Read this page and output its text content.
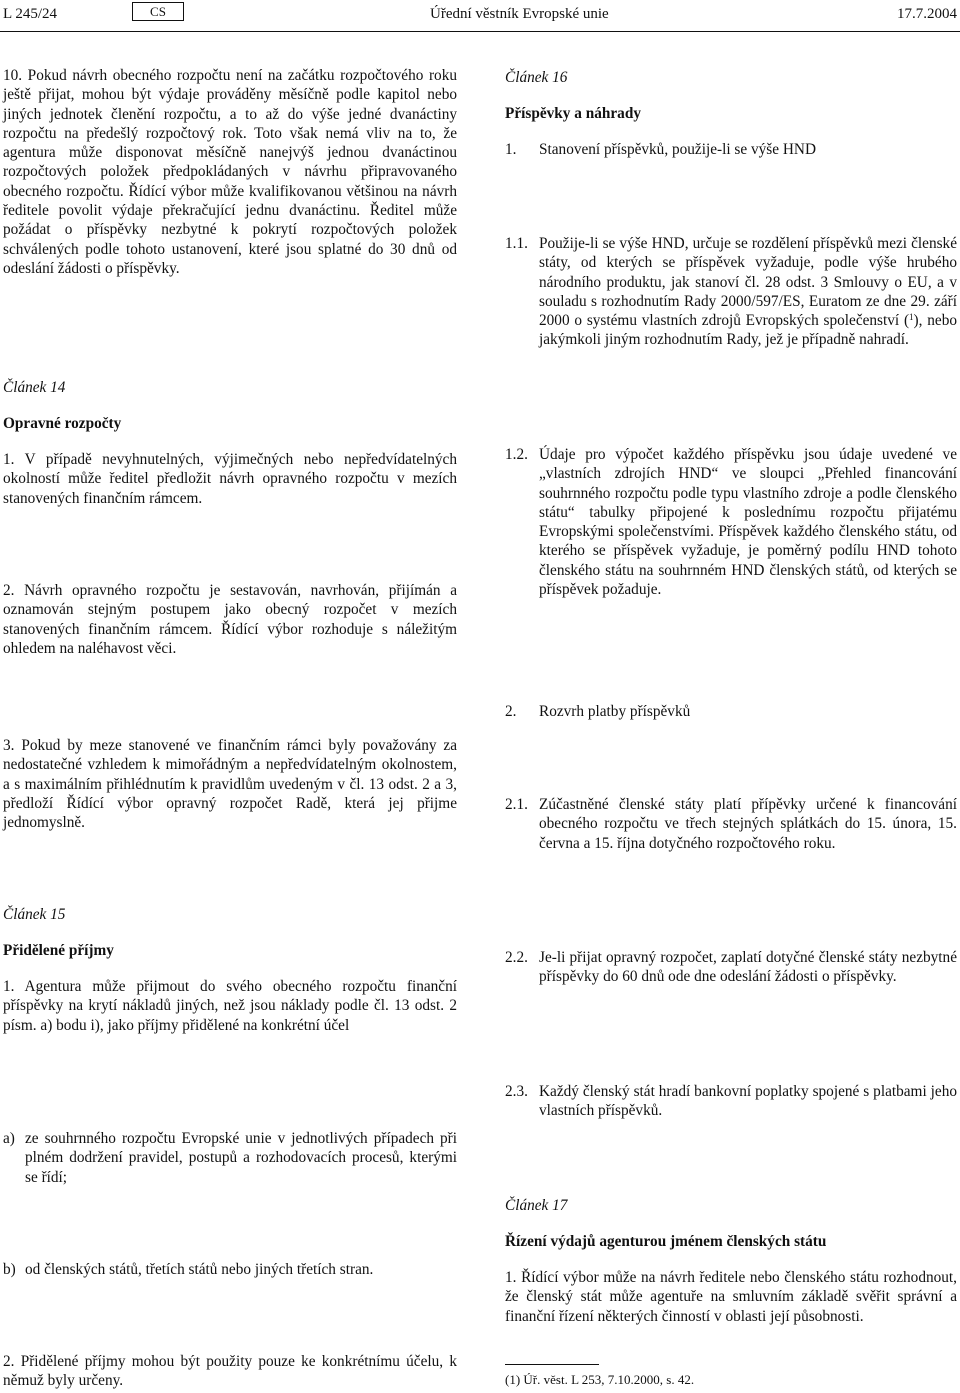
L 245/24	CS	Úřední věstník Evropské unie	17.7.2004

10. Pokud návrh obecného rozpočtu není na začátku rozpočtového roku ještě přijat, mohou být výdaje prováděny měsíčně podle kapitol nebo jiných jednotek členění rozpočtu, a to až do výše jedné dvanáctiny rozpočtu na předešlý rozpočtový rok. Toto však nemá vliv na to, že agentura může disponovat měsíčně nanejvýš jednou dvanáctinou rozpočtových položek předpokládaných v návrhu připravovaného obecného rozpočtu. Řídící výbor může kvalifikovanou většinou na návrh ředitele povolit výdaje překračující jednu dvanáctinu. Ředitel může požádat o příspěvky nezbytné k pokrytí rozpočtových položek schválených podle tohoto ustanovení, které jsou splatné do 30 dnů od odeslání žádosti o příspěvky.

Článek 14

Opravné rozpočty

1. V případě nevyhnutelných, výjimečných nebo nepředvídatelných okolností může ředitel předložit návrh opravného rozpočtu v mezích stanovených finančním rámcem.

2. Návrh opravného rozpočtu je sestavován, navrhován, přijímán a oznamován stejným postupem jako obecný rozpočet v mezích stanovených finančním rámcem. Řídící výbor rozhoduje s náležitým ohledem na naléhavost věci.

3. Pokud by meze stanovené ve finančním rámci byly považovány za nedostatečné vzhledem k mimořádným a nepředvídatelným okolnostem, a s maximálním přihlédnutím k pravidlům uvedeným v čl. 13 odst. 2 a 3, předloží Řídící výbor opravný rozpočet Radě, která jej přijme jednomyslně.

Článek 15

Přidělené příjmy

1. Agentura může přijmout do svého obecného rozpočtu finanční příspěvky na krytí nákladů jiných, než jsou náklady podle čl. 13 odst. 2 písm. a) bodu i), jako příjmy přidělené na konkrétní účel

a) ze souhrnného rozpočtu Evropské unie v jednotlivých případech při plném dodržení pravidel, postupů a rozhodovacích procesů, kterými se řídí;
b) od členských států, třetích států nebo jiných třetích stran.

2. Přidělené příjmy mohou být použity pouze ke konkrétnímu účelu, k němuž byly určeny.

Článek 16

Příspěvky a náhrady

1.	Stanovení příspěvků, použije-li se výše HND
1.1. Použije-li se výše HND, určuje se rozdělení příspěvků mezi členské státy, od kterých se příspěvek vyžaduje, podle výše hrubého národního produktu, jak stanoví čl. 28 odst. 3 Smlouvy o EU, a v souladu s rozhodnutím Rady 2000/597/ES, Euratom ze dne 29. září 2000 o systému vlastních zdrojů Evropských společenství ($^1$), nebo jakýmkoli jiným rozhodnutím Rady, jež je případně nahradí.
1.2. Údaje pro výpočet každého příspěvku jsou údaje uvedené ve „vlastních zdrojích HND“ ve sloupci „Přehled financování souhrnného rozpočtu podle typu vlastního zdroje a podle členského státu“ tabulky připojené k poslednímu rozpočtu přijatému Evropskými společenstvími. Příspěvek každého členského státu, od kterého se příspěvek vyžaduje, je poměrný podílu HND tohoto členského státu na souhrnném HND členských států, od kterých se příspěvek požaduje.
2.	Rozvrh platby příspěvků
2.1. Zúčastněné členské státy platí přípěvky určené k financování obecného rozpočtu ve třech stejných splátkách do 15. února, 15. června a 15. října dotyčného rozpočtového roku.
2.2. Je-li přijat opravný rozpočet, zaplatí dotyčné členské státy nezbytné příspěvky do 60 dnů ode dne odeslání žádosti o příspěvky.
2.3. Každý členský stát hradí bankovní poplatky spojené s platbami jeho vlastních příspěvků.

Článek 17

Řízení výdajů agenturou jménem členských státu

1. Řídící výbor může na návrh ředitele nebo členského státu rozhodnout, že členský stát může agentuře na smluvním základě svěřit správní a finanční řízení některých činností v oblasti její působnosti.

(1) Úř. věst. L 253, 7.10.2000, s. 42.
